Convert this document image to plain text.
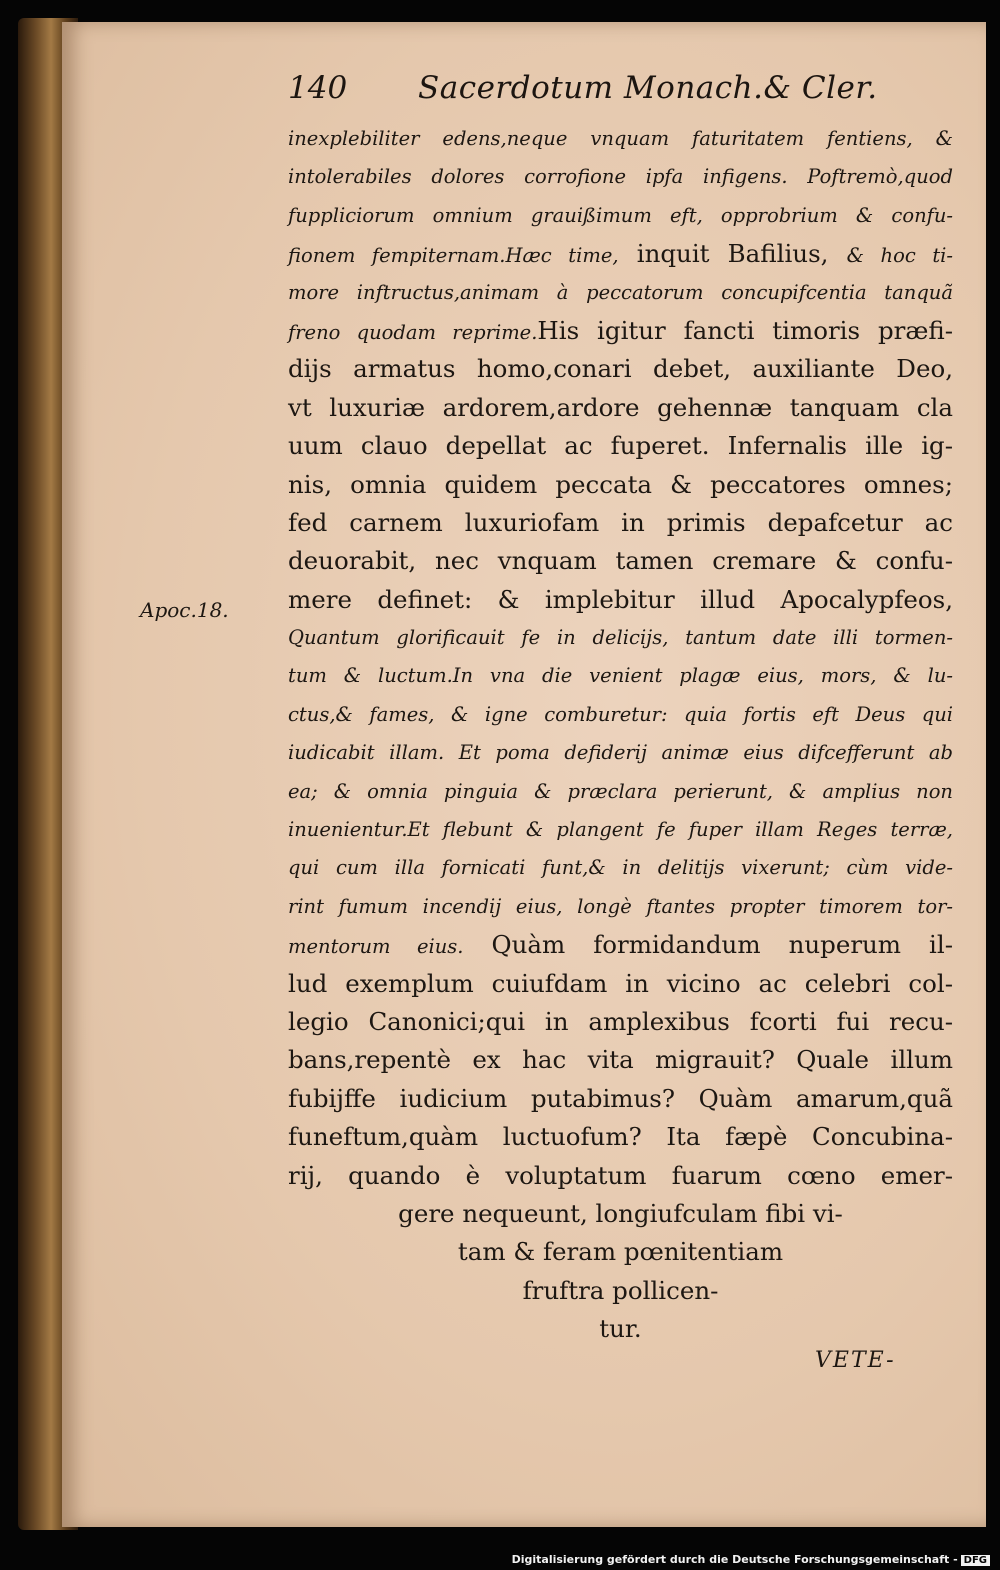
140 Sacerdotum Monach.& Cler.
Apoc.18.
inexplebiliter edens,neque vnquam faturitatem fentiens, &
intolerabiles dolores corrofione ipfa infigens. Poftremò,quod
fuppliciorum omnium grauißimum eft, opprobrium & confu-
fionem fempiternam.Hæc time, inquit Bafilius, & hoc ti-
more inftructus,animam à peccatorum concupifcentia tanquã
freno quodam reprime.His igitur fancti timoris præfi-
dijs armatus homo,conari debet, auxiliante Deo,
vt luxuriæ ardorem,ardore gehennæ tanquam cla
uum clauo depellat ac fuperet. Infernalis ille ig-
nis, omnia quidem peccata & peccatores omnes;
fed carnem luxuriofam in primis depafcetur ac
deuorabit, nec vnquam tamen cremare & confu-
mere definet: & implebitur illud Apocalypfeos,
Quantum glorificauit fe in delicijs, tantum date illi tormen-
tum & luctum.In vna die venient plagæ eius, mors, & lu-
ctus,& fames, & igne comburetur: quia fortis eft Deus qui
iudicabit illam. Et poma defiderij animæ eius difcefferunt ab
ea; & omnia pinguia & præclara perierunt, & amplius non
inuenientur.Et flebunt & plangent fe fuper illam Reges terræ,
qui cum illa fornicati funt,& in delitijs vixerunt; cùm vide-
rint fumum incendij eius, longè ftantes propter timorem tor-
mentorum eius. Quàm formidandum nuperum il-
lud exemplum cuiufdam in vicino ac celebri col-
legio Canonici;qui in amplexibus fcorti fui recu-
bans,repentè ex hac vita migrauit? Quale illum
fubijffe iudicium putabimus? Quàm amarum,quã
funeftum,quàm luctuofum? Ita fæpè Concubina-
rij, quando è voluptatum fuarum cœno emer-
gere nequeunt, longiufculam fibi vi-
tam & feram pœnitentiam
fruftra pollicen-
tur.
VETE-
Digitalisierung gefördert durch die Deutsche Forschungsgemeinschaft - DFG
